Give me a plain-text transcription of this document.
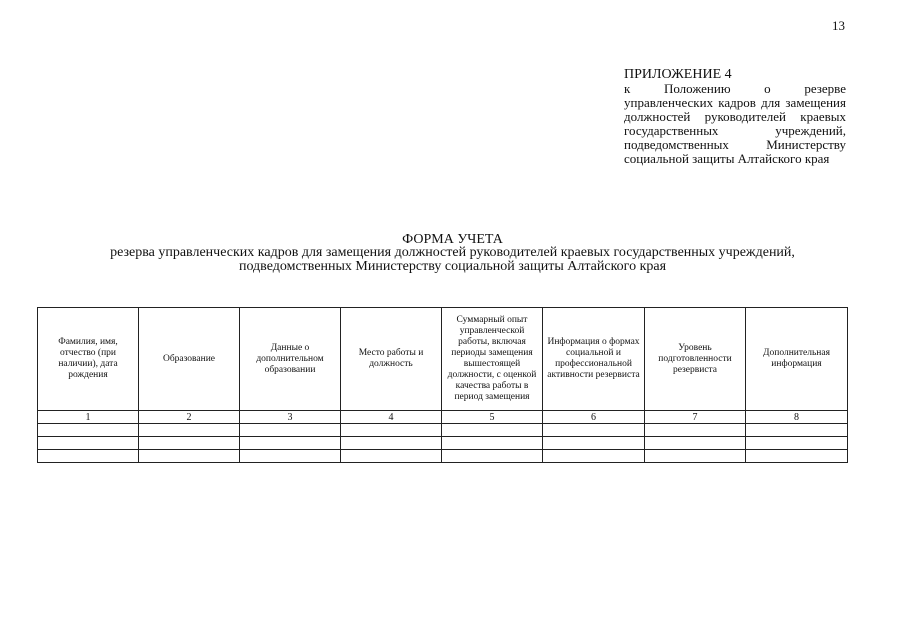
13
ПРИЛОЖЕНИЕ 4
к Положению о резерве управленческих кадров для замещения должностей руководителей краевых государственных учреждений, подведомственных Министерству социальной защиты Алтайского края
ФОРМА УЧЕТА
резерва управленческих кадров для замещения должностей руководителей краевых государственных учреждений, подведомственных Министерству социальной защиты Алтайского края
Фамилия, имя, отчество (при наличии), дата рождения	Образование	Данные о дополнительном образовании	Место работы и должность	Суммарный опыт управленческой работы, включая периоды замещения вышестоящей должности, с оценкой качества работы в период замещения	Информация о формах социальной и профессиональной активности резервиста	Уровень подготовленности резервиста	Дополнительная информация
1	2	3	4	5	6	7	8
